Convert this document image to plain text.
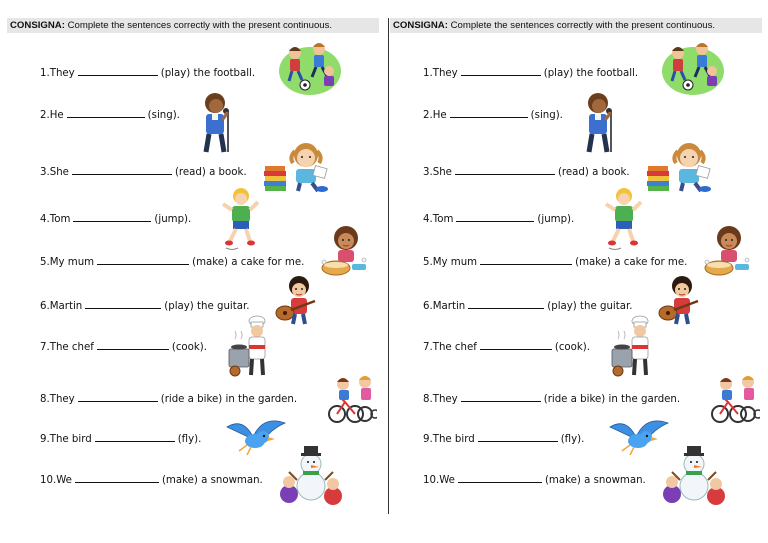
CONSIGNA: Complete the sentences correctly with the present continuous.
1.They	(play) the football.
2.He	(sing).
3.She	(read) a book.
4.Tom	(jump).
5.My mum	(make) a cake for me.
6.Martin	(play) the guitar.
7.The chef	(cook).
8.They	(ride a bike) in the garden.
9.The bird	(fly).
10.We	(make) a snowman.
CONSIGNA: Complete the sentences correctly with the present continuous.
1.They	(play) the football.
2.He	(sing).
3.She	(read) a book.
4.Tom	(jump).
5.My mum	(make) a cake for me.
6.Martin	(play) the guitar.
7.The chef	(cook).
8.They	(ride a bike) in the garden.
9.The bird	(fly).
10.We	(make) a snowman.
